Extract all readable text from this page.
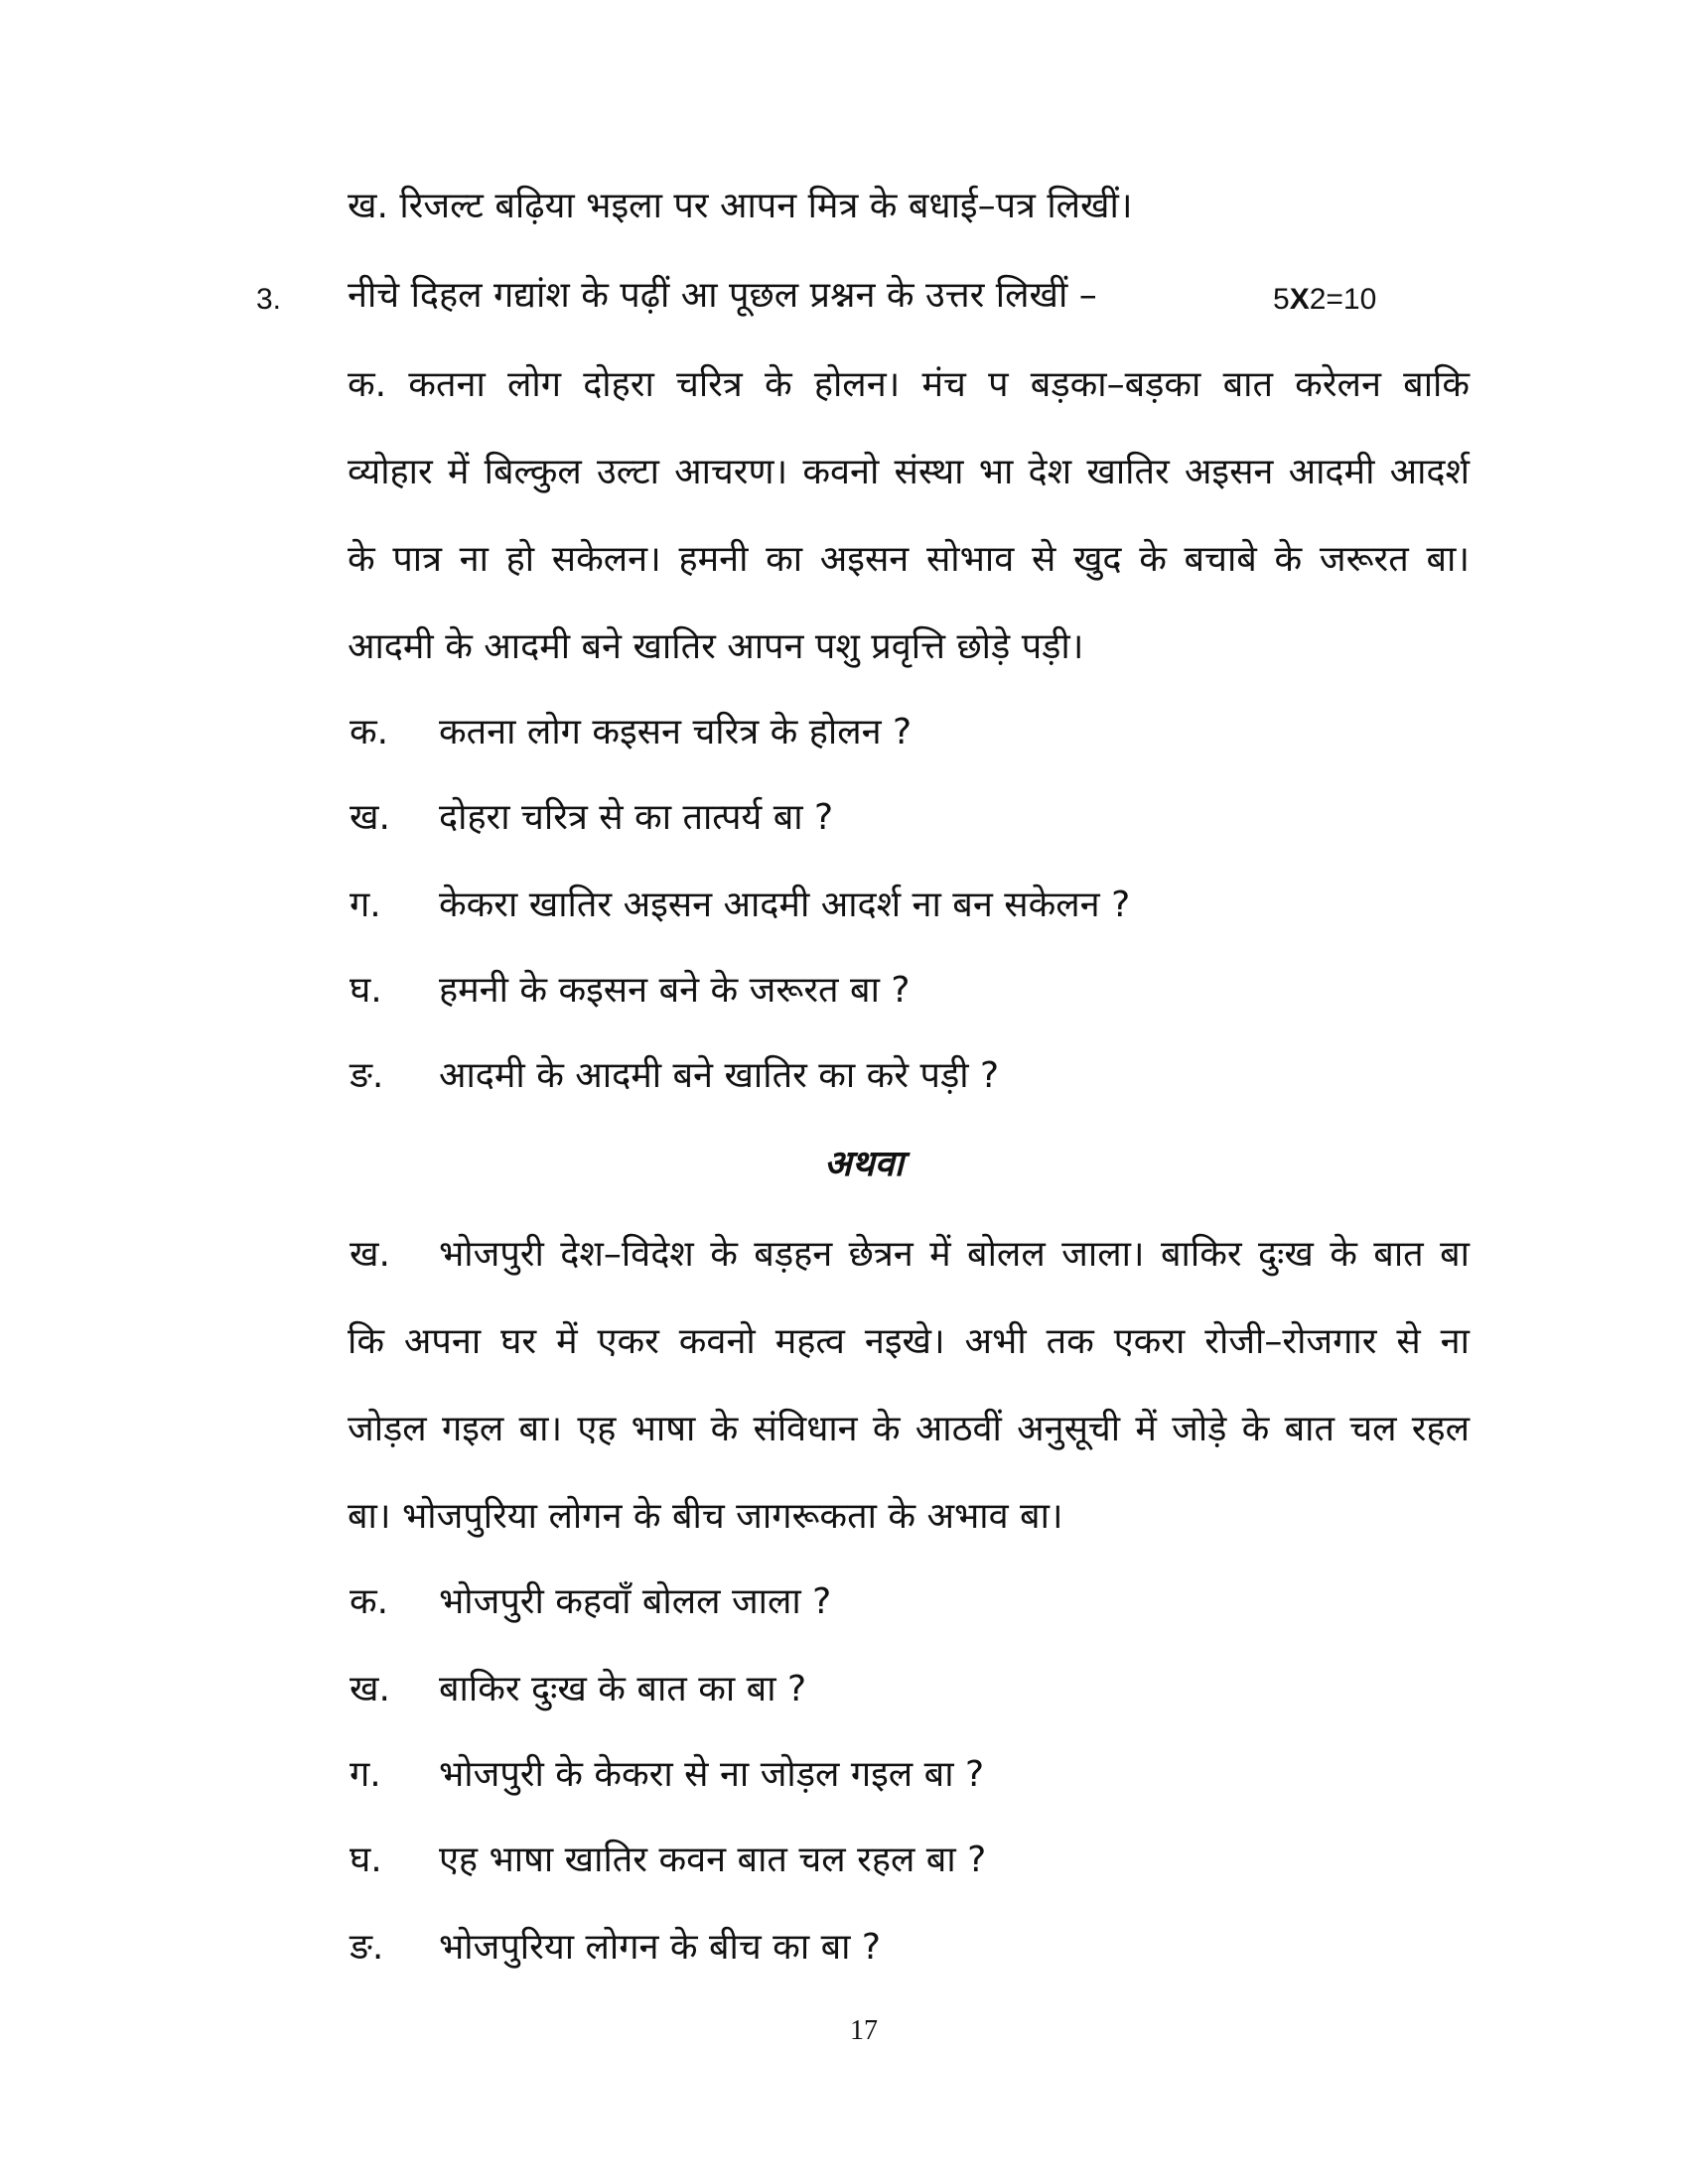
ख. रिजल्ट बढ़िया भइला पर आपन मित्र के बधाई–पत्र लिखीं।
3. नीचे दिहल गद्यांश के पढ़ीं आ पूछल प्रश्नन के उत्तर लिखीं –	5X2=10
क. कतना लोग दोहरा चरित्र के होलन। मंच प बड़का–बड़का बात करेलन बाकि
व्योहार में बिल्कुल उल्टा आचरण। कवनो संस्था भा देश खातिर अइसन आदमी आदर्श
के पात्र ना हो सकेलन। हमनी का अइसन सोभाव से खुद के बचाबे के जरूरत बा।
आदमी के आदमी बने खातिर आपन पशु प्रवृत्ति छोड़े पड़ी।
क. कतना लोग कइसन चरित्र के होलन ?
ख. दोहरा चरित्र से का तात्पर्य बा ?
ग. केकरा खातिर अइसन आदमी आदर्श ना बन सकेलन ?
घ. हमनी के कइसन बने के जरूरत बा ?
ङ. आदमी के आदमी बने खातिर का करे पड़ी ?
अथवा
ख. भोजपुरी देश–विदेश के बड़हन छेत्रन में बोलल जाला। बाकिर दुःख के बात बा
कि अपना घर में एकर कवनो महत्व नइखे। अभी तक एकरा रोजी–रोजगार से ना
जोड़ल गइल बा। एह भाषा के संविधान के आठवीं अनुसूची में जोड़े के बात चल रहल
बा। भोजपुरिया लोगन के बीच जागरूकता के अभाव बा।
क. भोजपुरी कहवाँ बोलल जाला ?
ख. बाकिर दुःख के बात का बा ?
ग. भोजपुरी के केकरा से ना जोड़ल गइल बा ?
घ. एह भाषा खातिर कवन बात चल रहल बा ?
ङ. भोजपुरिया लोगन के बीच का बा ?
17
